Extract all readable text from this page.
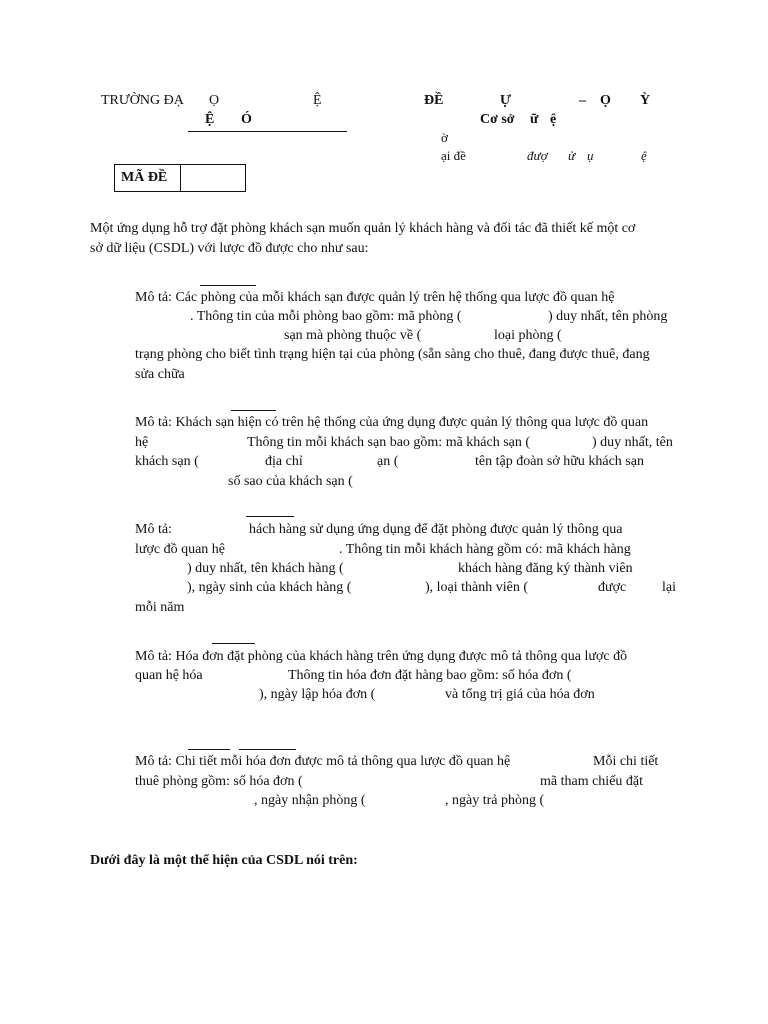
TRƯỜNG ĐẠ Ọ	Ệ
Ệ Ó
ĐỀ	Ự	– Ọ Ỳ
Cơ sở ữ ệ
ờ
ại đề	đượ ử ụ	ệ
MÃ ĐỀ
Một ứng dụng hỗ trợ đặt phòng khách sạn muốn quản lý khách hàng và đối tác đã thiết kế một cơ
sở dữ liệu (CSDL) với lược đồ được cho như sau:
Mô tả: Các phòng của mỗi khách sạn được quản lý trên hệ thống qua lược đồ quan hệ
. Thông tin của mỗi phòng bao gồm: mã phòng (	) duy nhất, tên phòng
sạn mà phòng thuộc về (	loại phòng (
trạng phòng cho biết tình trạng hiện tại của phòng (sẵn sàng cho thuê, đang được thuê, đang
sửa chữa
Mô tả: Khách sạn hiện có trên hệ thống của ứng dụng được quản lý thông qua lược đồ quan
hệ	Thông tin mỗi khách sạn bao gồm: mã khách sạn (	) duy nhất, tên
khách sạn (	địa chỉ	ạn (	tên tập đoàn sở hữu khách sạn
số sao của khách sạn (
Mô tả:	hách hàng sử dụng ứng dụng để đặt phòng được quản lý thông qua
lược đồ quan hệ	. Thông tin mỗi khách hàng gồm có: mã khách hàng
) duy nhất, tên khách hàng (	khách hàng đăng ký thành viên
), ngày sinh của khách hàng (	), loại thành viên (	được	lại
mỗi năm
Mô tả: Hóa đơn đặt phòng của khách hàng trên ứng dụng được mô tả thông qua lược đồ
quan hệ hóa	Thông tin hóa đơn đặt hàng bao gồm: số hóa đơn (
), ngày lập hóa đơn (	và tổng trị giá của hóa đơn
Mô tả: Chi tiết mỗi hóa đơn được mô tả thông qua lược đồ quan hệ	Mỗi chi tiết
thuê phòng gồm: số hóa đơn (	mã tham chiếu đặt
, ngày nhận phòng (	, ngày trả phòng (
Dưới đây là một thể hiện của CSDL nói trên:
